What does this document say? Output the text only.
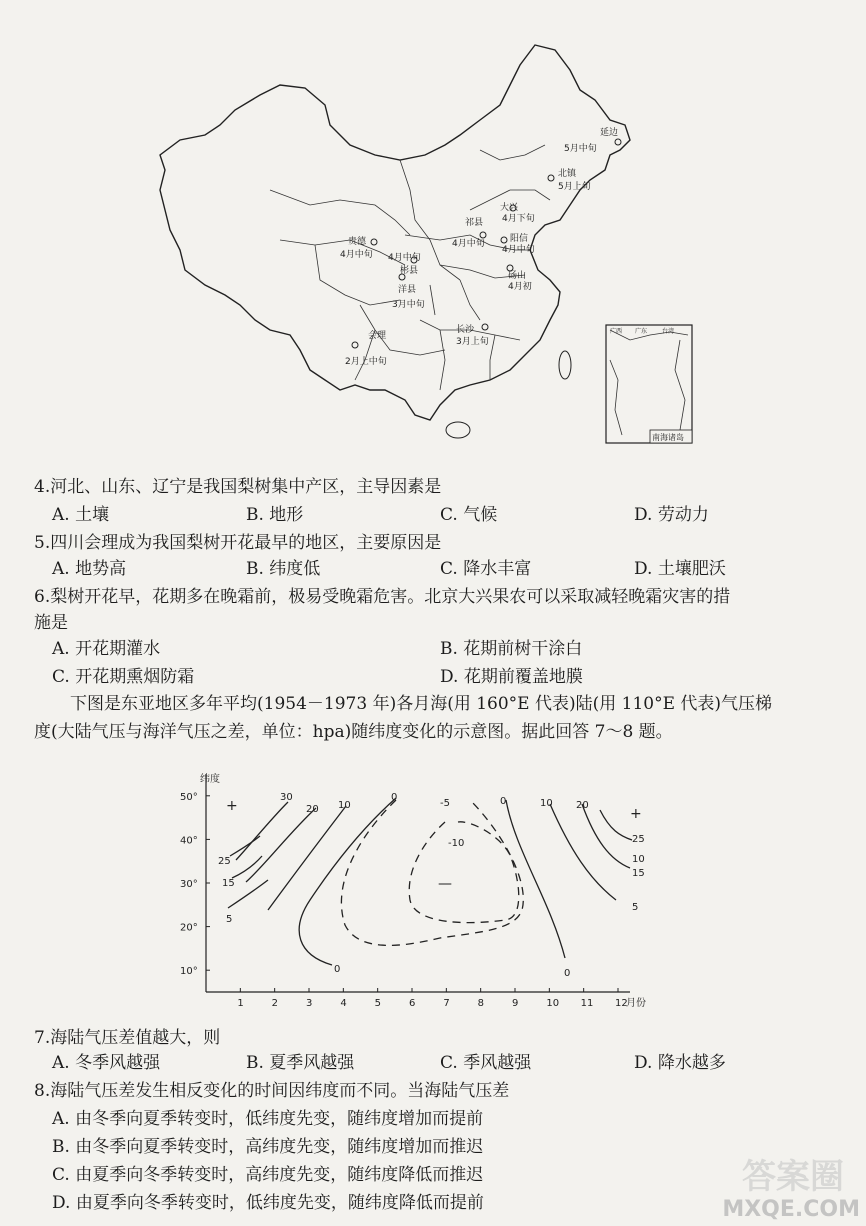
延边
5月中旬
北镇
5月上旬
大兴
4月下旬
祁县
4月中旬	阳信
4月中旬
贵德
4月中旬 4月中旬
彬县	砀山
4月初
洋县
3月中旬
会理
2月上中旬
长沙
3月上旬
广西 广东 台湾
南海诸岛
4.河北、山东、辽宁是我国梨树集中产区，主导因素是
A. 土壤	B. 地形	C. 气候	D. 劳动力
5.四川会理成为我国梨树开花最早的地区，主要原因是
A. 地势高	B. 纬度低	C. 降水丰富	D. 土壤肥沃
6.梨树开花早，花期多在晚霜前，极易受晚霜危害。北京大兴果农可以采取减轻晚霜灾害的措
施是
A. 开花期灌水	B. 花期前树干涂白
C. 开花期熏烟防霜	D. 花期前覆盖地膜
下图是东亚地区多年平均(1954－1973 年)各月海(用 160°E 代表)陆(用 110°E 代表)气压梯
度(大陆气压与海洋气压之差，单位：hpa)随纬度变化的示意图。据此回答 7～8 题。
纬度
10°
20°
30°
40°
50°
1	2	3	4	5	6	7	8	9	10 11 12
月份
30
20 10
0
-5
-10
0	10 20
25
10
15
5
25
15
5
0	0
+	+
—
7.海陆气压差值越大，则
A. 冬季风越强	B. 夏季风越强	C. 季风越强	D. 降水越多
8.海陆气压差发生相反变化的时间因纬度而不同。当海陆气压差
A. 由冬季向夏季转变时，低纬度先变，随纬度增加而提前
B. 由冬季向夏季转变时，高纬度先变，随纬度增加而推迟
C. 由夏季向冬季转变时，高纬度先变，随纬度降低而推迟
D. 由夏季向冬季转变时，低纬度先变，随纬度降低而提前
答案圈
MXQE.COM
